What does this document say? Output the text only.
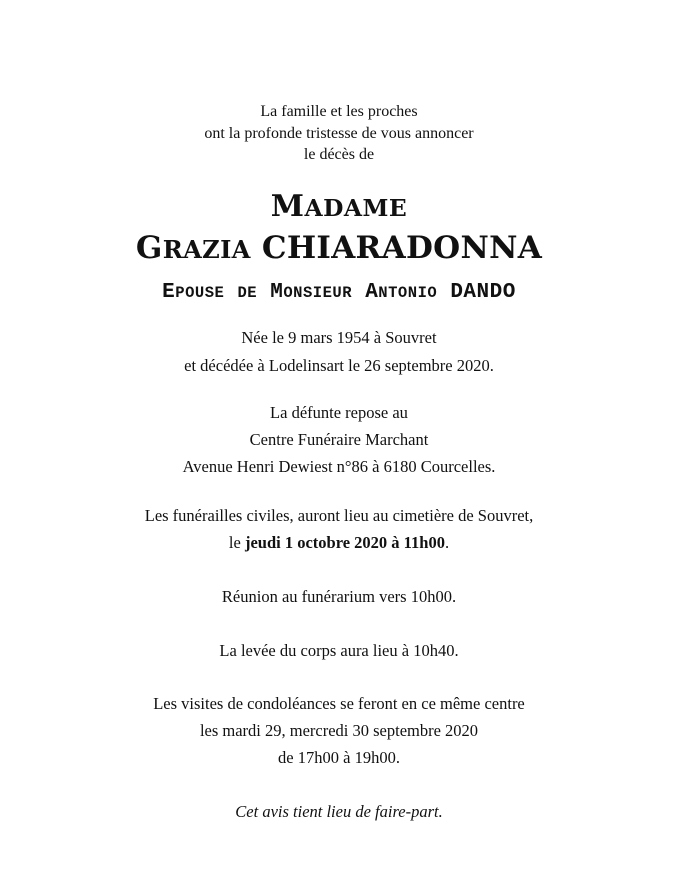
La famille et les proches
ont la profonde tristesse de vous annoncer
le décès de
MADAME
GRAZIA CHIARADONNA
EPOUSE DE MONSIEUR ANTONIO DANDO
Née le 9 mars 1954 à Souvret
et décédée à Lodelinsart le 26 septembre 2020.
La défunte repose au
Centre Funéraire Marchant
Avenue Henri Dewiest n°86 à 6180 Courcelles.
Les funérailles civiles, auront lieu au cimetière de Souvret,
le jeudi 1 octobre 2020 à 11h00.
Réunion au funérarium vers 10h00.
La levée du corps aura lieu à 10h40.
Les visites de condoléances se feront en ce même centre
les mardi 29, mercredi 30 septembre 2020
de 17h00 à 19h00.
Cet avis tient lieu de faire-part.
